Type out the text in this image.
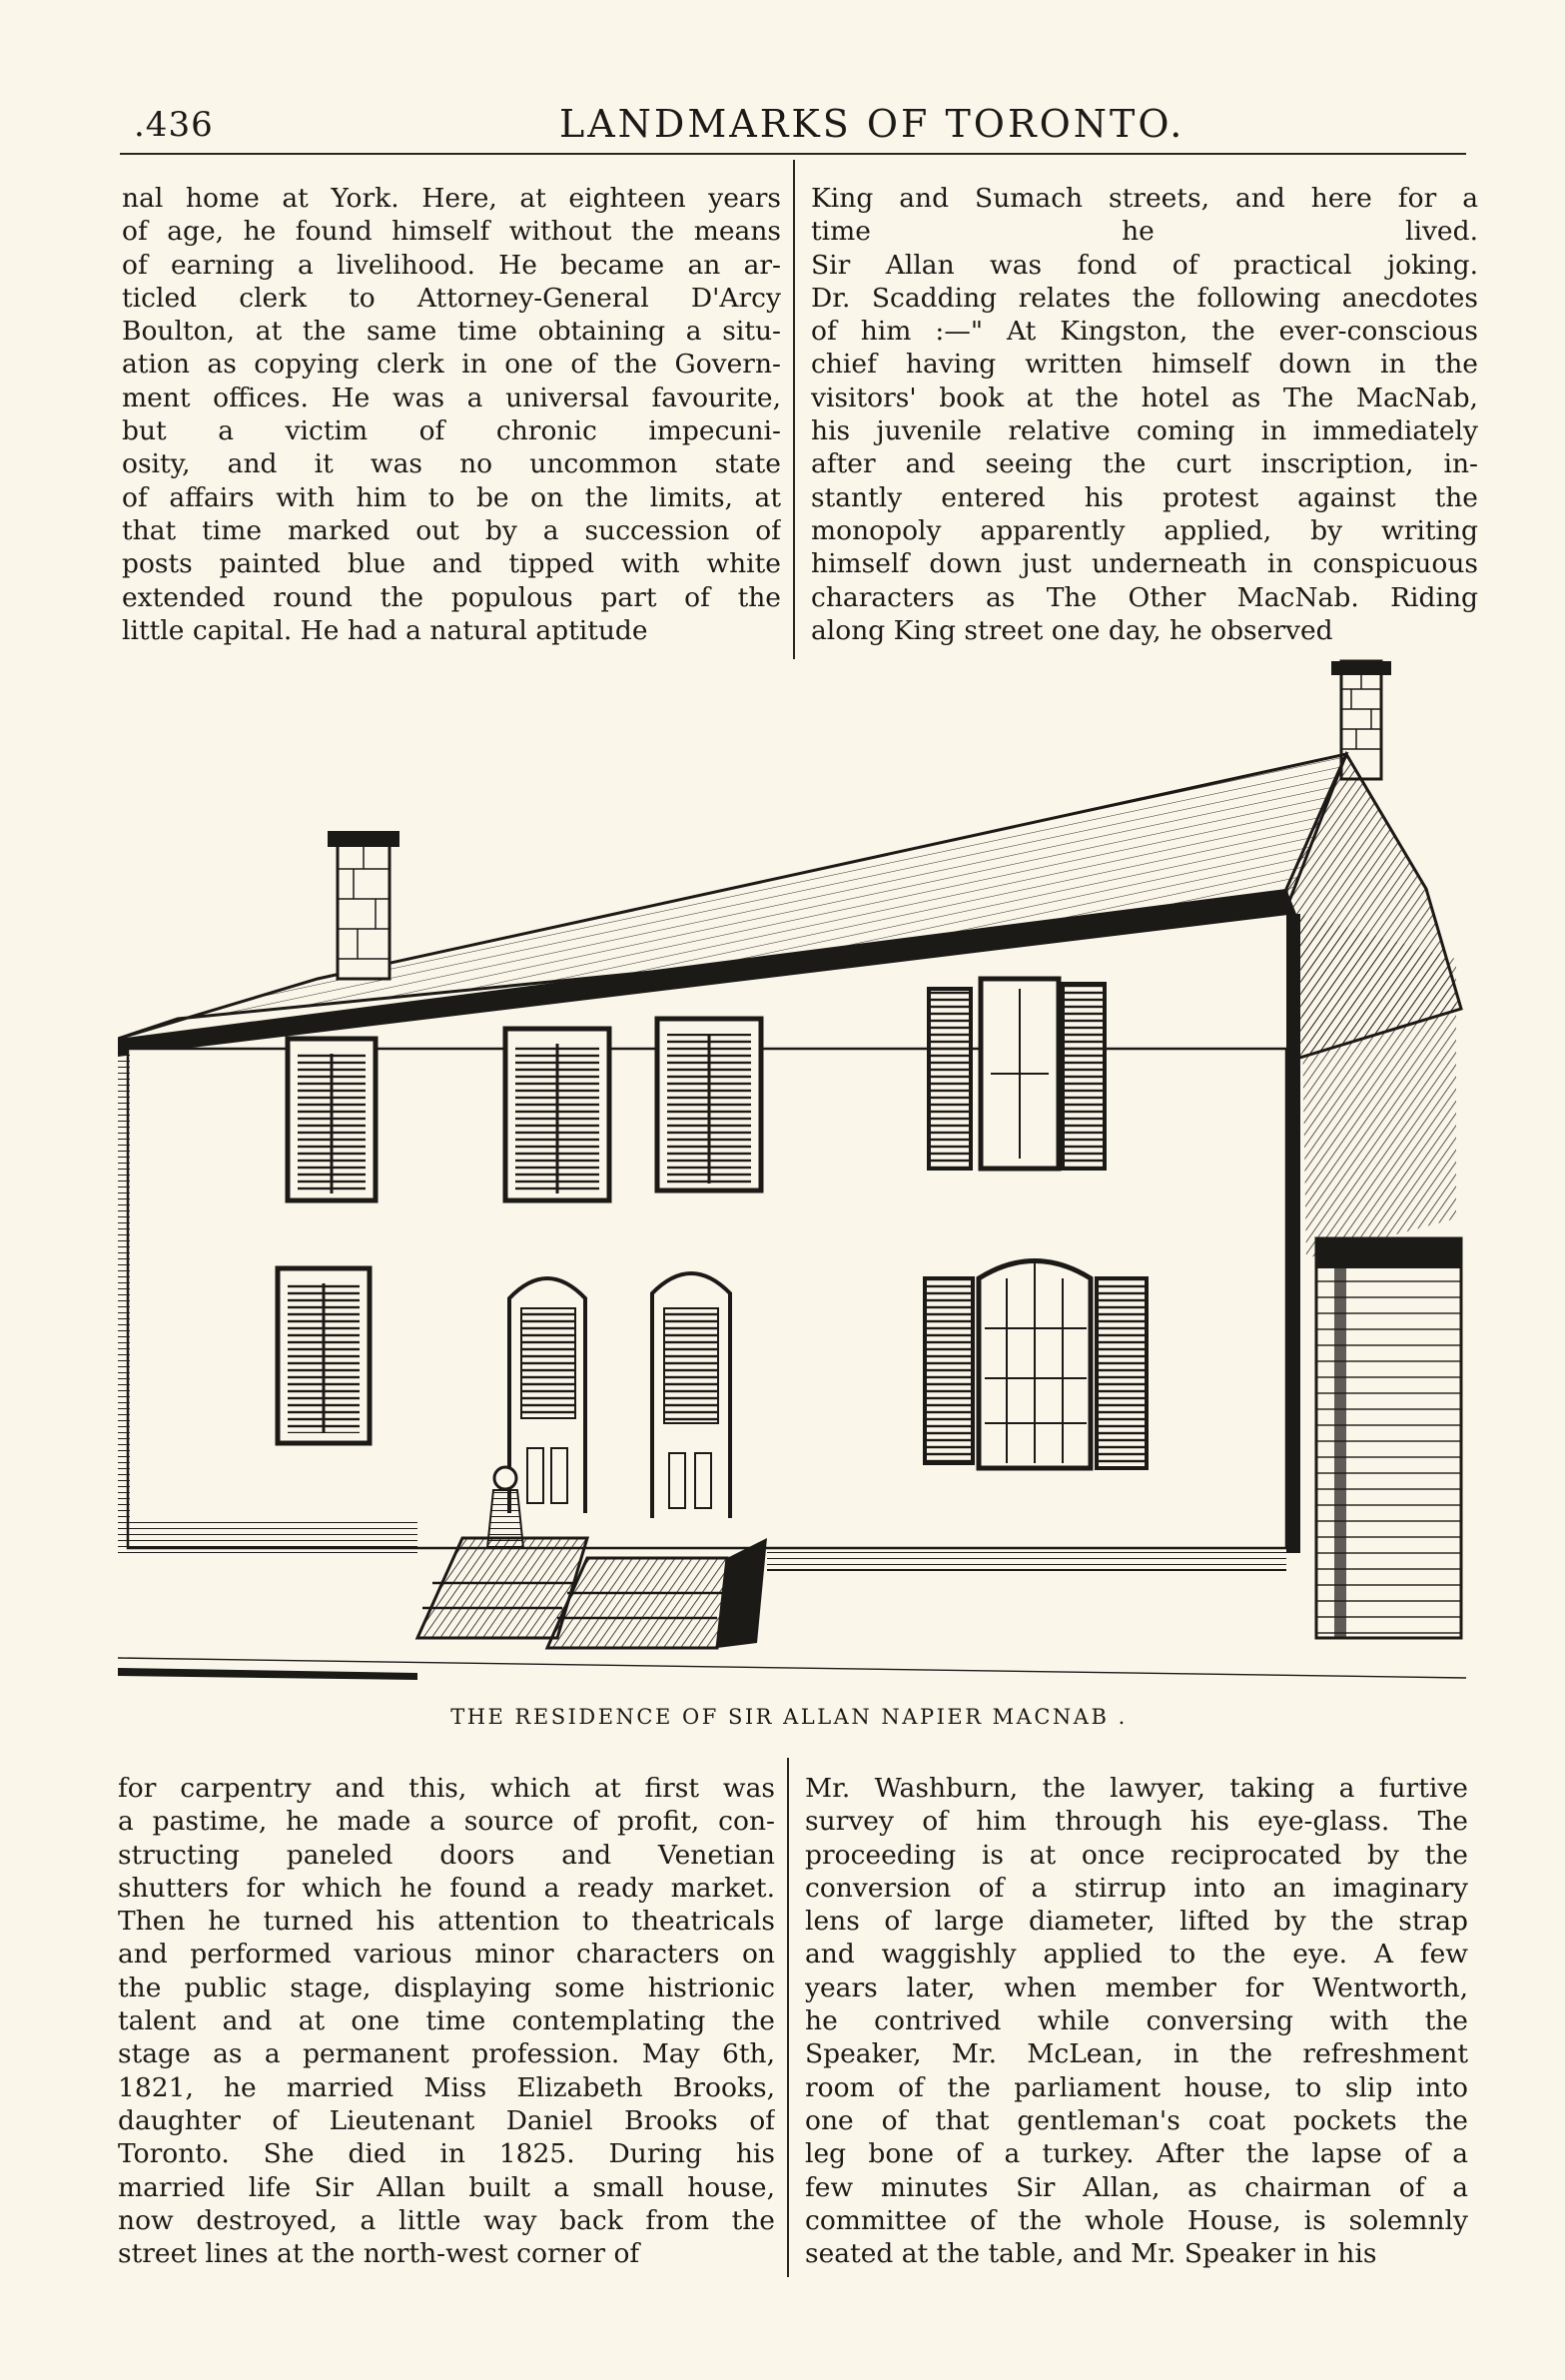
.436	LANDMARKS OF TORONTO.
nal home at York. Here, at eighteen years
of age, he found himself without the means
of earning a livelihood. He became an ar-
ticled clerk to Attorney-General D'Arcy
Boulton, at the same time obtaining a situ-
ation as copying clerk in one of the Govern-
ment offices. He was a universal favourite,
but a victim of chronic impecuni-
osity, and it was no uncommon state
of affairs with him to be on the limits, at
that time marked out by a succession of
posts painted blue and tipped with white
extended round the populous part of the
little capital. He had a natural aptitude
King and Sumach streets, and here for a
time he lived.
Sir Allan was fond of practical joking.
Dr. Scadding relates the following anecdotes
of him :—" At Kingston, the ever-conscious
chief having written himself down in the
visitors' book at the hotel as The MacNab,
his juvenile relative coming in immediately
after and seeing the curt inscription, in-
stantly entered his protest against the
monopoly apparently applied, by writing
himself down just underneath in conspicuous
characters as The Other MacNab. Riding
along King street one day, he observed
THE RESIDENCE OF SIR ALLAN NAPIER MACNAB .
for carpentry and this, which at first was
a pastime, he made a source of profit, con-
structing paneled doors and Venetian
shutters for which he found a ready market.
Then he turned his attention to theatricals
and performed various minor characters on
the public stage, displaying some histrionic
talent and at one time contemplating the
stage as a permanent profession. May 6th,
1821, he married Miss Elizabeth Brooks,
daughter of Lieutenant Daniel Brooks of
Toronto. She died in 1825. During his
married life Sir Allan built a small house,
now destroyed, a little way back from the
street lines at the north-west corner of
Mr. Washburn, the lawyer, taking a furtive
survey of him through his eye-glass. The
proceeding is at once reciprocated by the
conversion of a stirrup into an imaginary
lens of large diameter, lifted by the strap
and waggishly applied to the eye. A few
years later, when member for Wentworth,
he contrived while conversing with the
Speaker, Mr. McLean, in the refreshment
room of the parliament house, to slip into
one of that gentleman's coat pockets the
leg bone of a turkey. After the lapse of a
few minutes Sir Allan, as chairman of a
committee of the whole House, is solemnly
seated at the table, and Mr. Speaker in his
